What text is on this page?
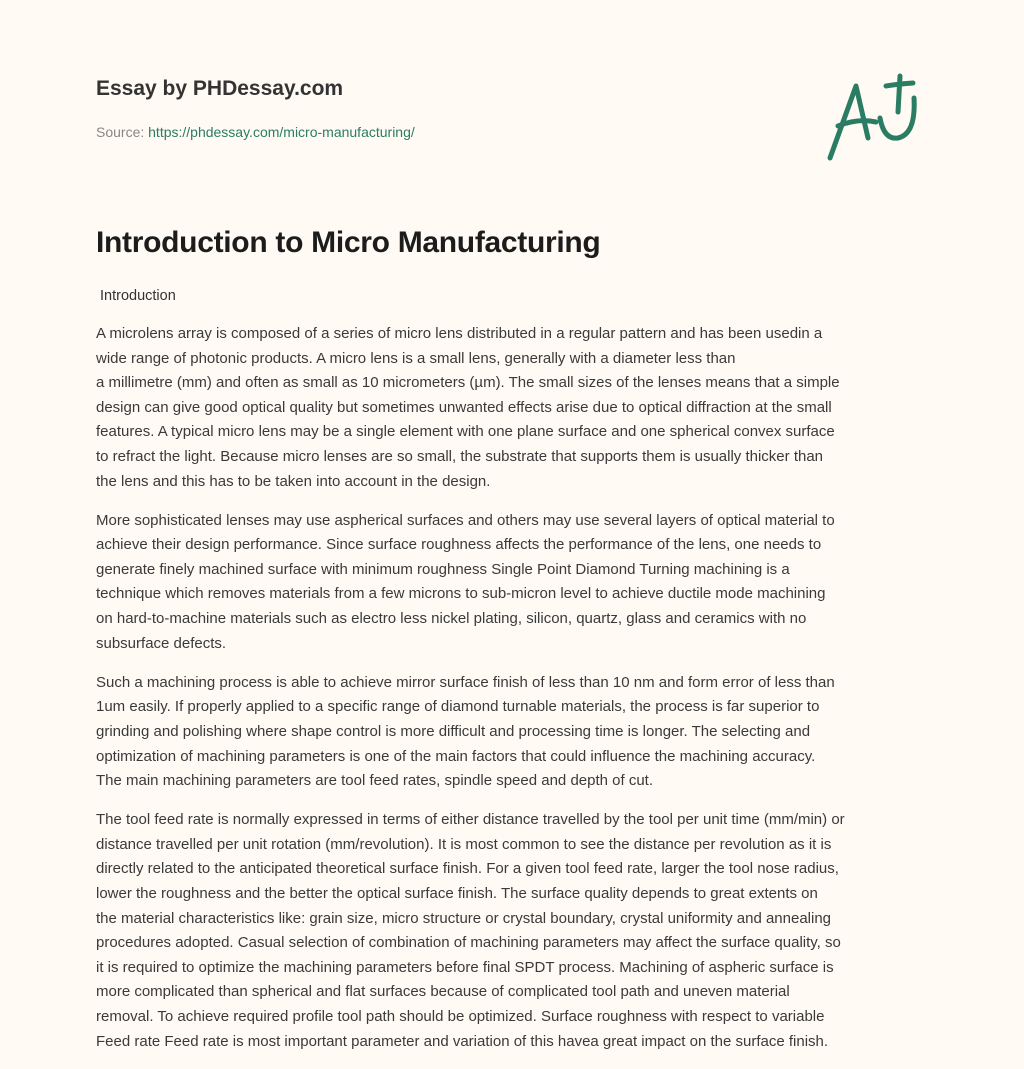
Essay by PHDessay.com
Source: https://phdessay.com/micro-manufacturing/
Introduction to Micro Manufacturing
Introduction

A microlens array is composed of a series of micro lens distributed in a regular pattern and has been usedin a
wide range of photonic products. A micro lens is a small lens, generally with a diameter less than
a millimetre (mm) and often as small as 10 micrometers (µm). The small sizes of the lenses means that a simple
design can give good optical quality but sometimes unwanted effects arise due to optical diffraction at the small
features. A typical micro lens may be a single element with one plane surface and one spherical convex surface
to refract the light. Because micro lenses are so small, the substrate that supports them is usually thicker than
the lens and this has to be taken into account in the design.

More sophisticated lenses may use aspherical surfaces and others may use several layers of optical material to
achieve their design performance. Since surface roughness affects the performance of the lens, one needs to
generate finely machined surface with minimum roughness Single Point Diamond Turning machining is a
technique which removes materials from a few microns to sub-micron level to achieve ductile mode machining
on hard-to-machine materials such as electro less nickel plating, silicon, quartz, glass and ceramics with no
subsurface defects.

Such a machining process is able to achieve mirror surface finish of less than 10 nm and form error of less than
1um easily. If properly applied to a specific range of diamond turnable materials, the process is far superior to
grinding and polishing where shape control is more difficult and processing time is longer. The selecting and
optimization of machining parameters is one of the main factors that could influence the machining accuracy.
The main machining parameters are tool feed rates, spindle speed and depth of cut.

The tool feed rate is normally expressed in terms of either distance travelled by the tool per unit time (mm/min) or
distance travelled per unit rotation (mm/revolution). It is most common to see the distance per revolution as it is
directly related to the anticipated theoretical surface finish. For a given tool feed rate, larger the tool nose radius,
lower the roughness and the better the optical surface finish. The surface quality depends to great extents on
the material characteristics like: grain size, micro structure or crystal boundary, crystal uniformity and annealing
procedures adopted. Casual selection of combination of machining parameters may affect the surface quality, so
it is required to optimize the machining parameters before final SPDT process. Machining of aspheric surface is
more complicated than spherical and flat surfaces because of complicated tool path and uneven material
removal. To achieve required profile tool path should be optimized. Surface roughness with respect to variable
Feed rate Feed rate is most important parameter and variation of this havea great impact on the surface finish.
